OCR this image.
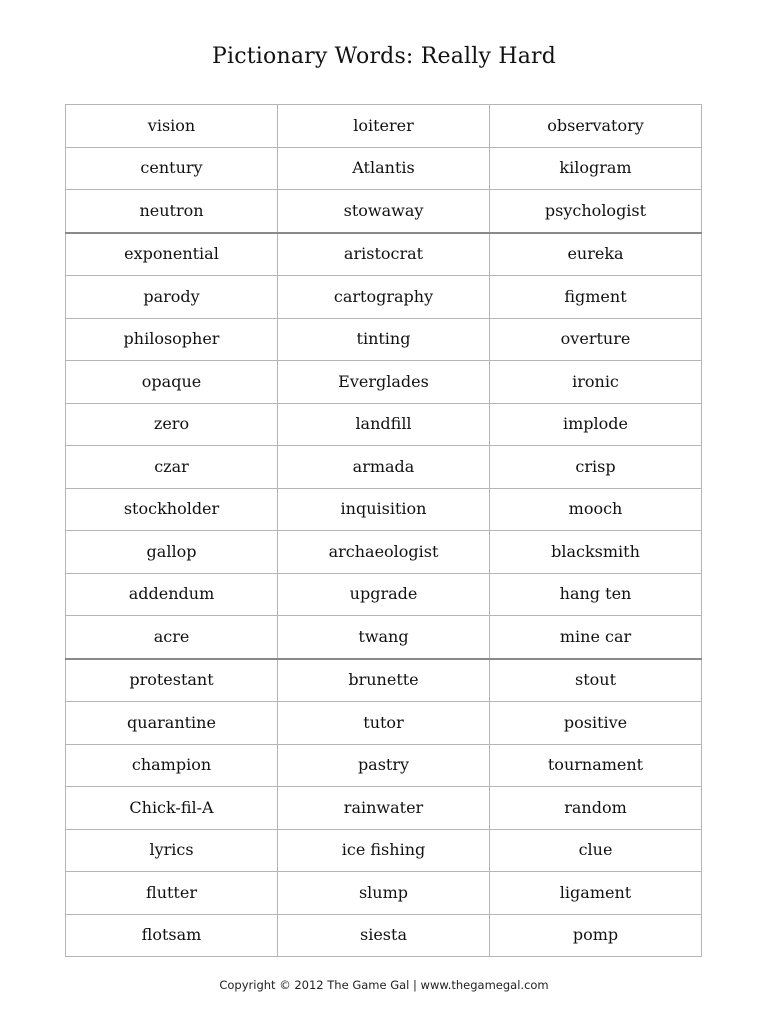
Pictionary Words: Really Hard
vision	loiterer	observatory
century	Atlantis	kilogram
neutron	stowaway	psychologist
exponential	aristocrat	eureka
parody	cartography	figment
philosopher	tinting	overture
opaque	Everglades	ironic
zero	landfill	implode
czar	armada	crisp
stockholder	inquisition	mooch
gallop	archaeologist	blacksmith
addendum	upgrade	hang ten
acre	twang	mine car
protestant	brunette	stout
quarantine	tutor	positive
champion	pastry	tournament
Chick-fil-A	rainwater	random
lyrics	ice fishing	clue
flutter	slump	ligament
flotsam	siesta	pomp
Copyright © 2012 The Game Gal | www.thegamegal.com
